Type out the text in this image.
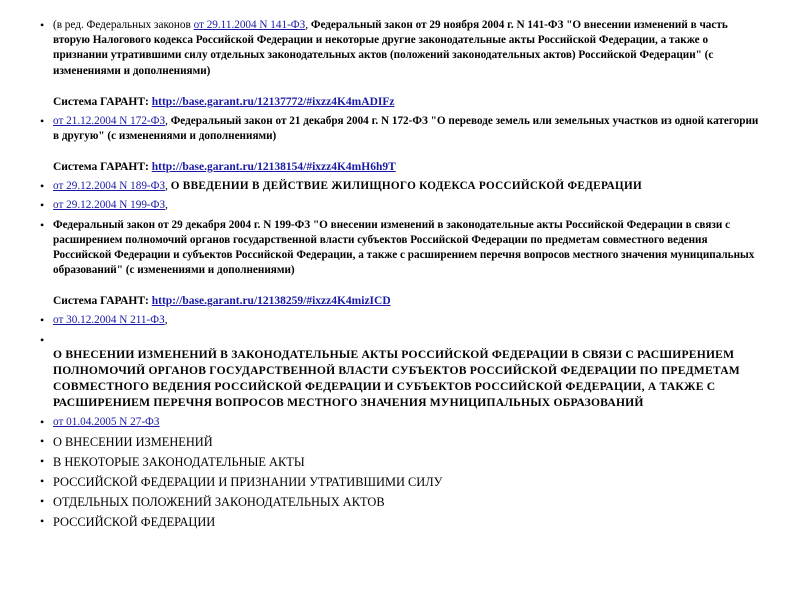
• (в ред. Федеральных законов от 29.11.2004 N 141-ФЗ, Федеральный закон от 29 ноября 2004 г. N 141-ФЗ "О внесении изменений в часть вторую Налогового кодекса Российской Федерации и некоторые другие законодательные акты Российской Федерации, а также о признании утратившими силу отдельных законодательных актов (положений законодательных актов) Российской Федерации" (с изменениями и дополнениями)
Система ГАРАНТ: http://base.garant.ru/12137772/#ixzz4K4mADIFz
• от 21.12.2004 N 172-ФЗ, Федеральный закон от 21 декабря 2004 г. N 172-ФЗ "О переводе земель или земельных участков из одной категории в другую" (с изменениями и дополнениями)
Система ГАРАНТ: http://base.garant.ru/12138154/#ixzz4K4mH6h9T
• от 29.12.2004 N 189-ФЗ, О ВВЕДЕНИИ В ДЕЙСТВИЕ ЖИЛИЩНОГО КОДЕКСА РОССИЙСКОЙ ФЕДЕРАЦИИ
• от 29.12.2004 N 199-ФЗ,
• Федеральный закон от 29 декабря 2004 г. N 199-ФЗ "О внесении изменений в законодательные акты Российской Федерации в связи с расширением полномочий органов государственной власти субъектов Российской Федерации по предметам совместного ведения Российской Федерации и субъектов Российской Федерации, а также с расширением перечня вопросов местного значения муниципальных образований" (с изменениями и дополнениями)
Система ГАРАНТ: http://base.garant.ru/12138259/#ixzz4K4mizICD
• от 30.12.2004 N 211-ФЗ,
•
О ВНЕСЕНИИ ИЗМЕНЕНИЙ В ЗАКОНОДАТЕЛЬНЫЕ АКТЫ РОССИЙСКОЙ ФЕДЕРАЦИИ В СВЯЗИ С РАСШИРЕНИЕМ ПОЛНОМОЧИЙ ОРГАНОВ ГОСУДАРСТВЕННОЙ ВЛАСТИ СУБЪЕКТОВ РОССИЙСКОЙ ФЕДЕРАЦИИ ПО ПРЕДМЕТАМ СОВМЕСТНОГО ВЕДЕНИЯ РОССИЙСКОЙ ФЕДЕРАЦИИ И СУБЪЕКТОВ РОССИЙСКОЙ ФЕДЕРАЦИИ, А ТАКЖЕ С РАСШИРЕНИЕМ ПЕРЕЧНЯ ВОПРОСОВ МЕСТНОГО ЗНАЧЕНИЯ МУНИЦИПАЛЬНЫХ ОБРАЗОВАНИЙ
• от 01.04.2005 N 27-ФЗ
• О ВНЕСЕНИИ ИЗМЕНЕНИЙ
• В НЕКОТОРЫЕ ЗАКОНОДАТЕЛЬНЫЕ АКТЫ
• РОССИЙСКОЙ ФЕДЕРАЦИИ И ПРИЗНАНИИ УТРАТИВШИМИ СИЛУ
• ОТДЕЛЬНЫХ ПОЛОЖЕНИЙ ЗАКОНОДАТЕЛЬНЫХ АКТОВ
• РОССИЙСКОЙ ФЕДЕРАЦИИ
